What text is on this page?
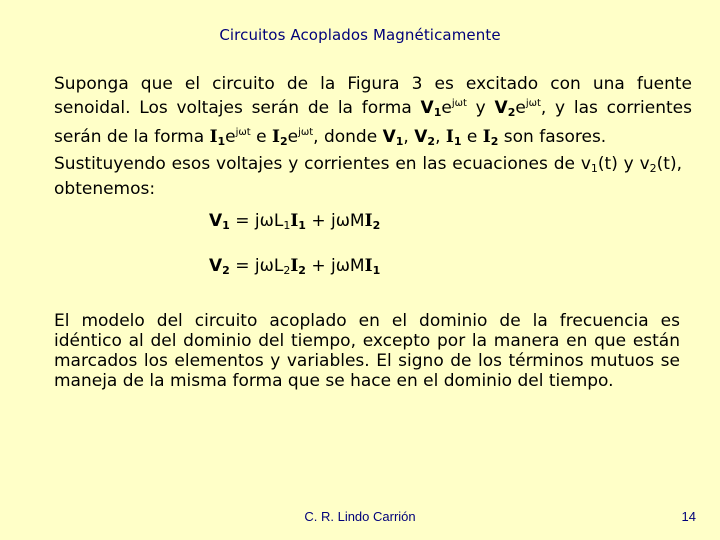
Circuitos Acoplados Magnéticamente
Suponga que el circuito de la Figura 3 es excitado con una fuente senoidal. Los voltajes serán de la forma $V_1e^{j\omega t}$ y $V_2e^{j\omega t}$, y las corrientes serán de la forma $I_1e^{j\omega t}$ e $I_2e^{j\omega t}$, donde $V_1$, $V_2$, $I_1$ e $I_2$ son fasores.
Sustituyendo esos voltajes y corrientes en las ecuaciones de $v_1(t)$ y $v_2(t)$, obtenemos:
$V_1 = j\omega L_1I_1 + j\omega MI_2$
$V_2 = j\omega L_2I_2 + j\omega MI_1$
El modelo del circuito acoplado en el dominio de la frecuencia es idéntico al del dominio del tiempo, excepto por la manera en que están marcados los elementos y variables. El signo de los términos mutuos se maneja de la misma forma que se hace en el dominio del tiempo.
C. R. Lindo Carrión	14
